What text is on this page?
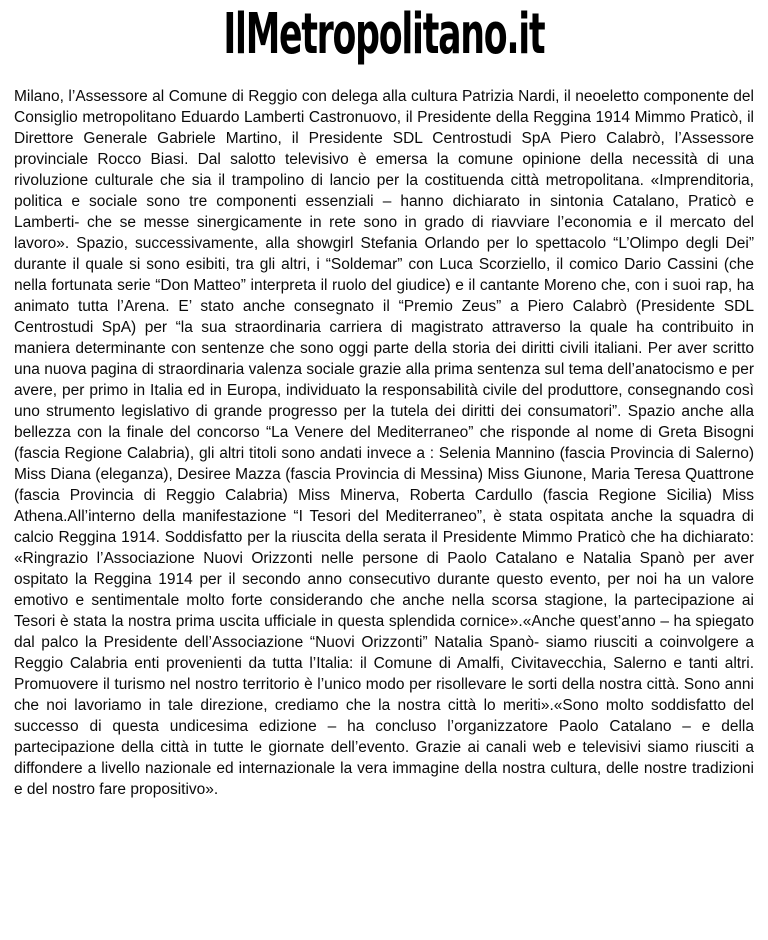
IlMetropolitano.it

Milano, l’Assessore al Comune di Reggio con delega alla cultura Patrizia Nardi, il neoeletto componente del Consiglio metropolitano Eduardo Lamberti Castronuovo, il Presidente della Reggina 1914 Mimmo Praticò, il Direttore Generale Gabriele Martino, il Presidente SDL Centrostudi SpA Piero Calabrò, l’Assessore provinciale Rocco Biasi. Dal salotto televisivo è emersa la comune opinione della necessità di una rivoluzione culturale che sia il trampolino di lancio per la costituenda città metropolitana. «Imprenditoria, politica e sociale sono tre componenti essenziali – hanno dichiarato in sintonia Catalano, Praticò e Lamberti- che se messe sinergicamente in rete sono in grado di riavviare l’economia e il mercato del lavoro». Spazio, successivamente, alla showgirl Stefania Orlando per lo spettacolo “L’Olimpo degli Dei” durante il quale si sono esibiti, tra gli altri, i “Soldemar” con Luca Scorziello, il comico Dario Cassini (che nella fortunata serie “Don Matteo” interpreta il ruolo del giudice) e il cantante Moreno che, con i suoi rap, ha animato tutta l’Arena. E’ stato anche consegnato il “Premio Zeus” a Piero Calabrò (Presidente SDL Centrostudi SpA) per “la sua straordinaria carriera di magistrato attraverso la quale ha contribuito in maniera determinante con sentenze che sono oggi parte della storia dei diritti civili italiani. Per aver scritto una nuova pagina di straordinaria valenza sociale grazie alla prima sentenza sul tema dell’anatocismo e per avere, per primo in Italia ed in Europa, individuato la responsabilità civile del produttore, consegnando così uno strumento legislativo di grande progresso per la tutela dei diritti dei consumatori”. Spazio anche alla bellezza con la finale del concorso “La Venere del Mediterraneo” che risponde al nome di Greta Bisogni (fascia Regione Calabria), gli altri titoli sono andati invece a : Selenia Mannino (fascia Provincia di Salerno) Miss Diana (eleganza), Desiree Mazza (fascia Provincia di Messina) Miss Giunone, Maria Teresa Quattrone (fascia Provincia di Reggio Calabria) Miss Minerva, Roberta Cardullo (fascia Regione Sicilia) Miss Athena.All’interno della manifestazione “I Tesori del Mediterraneo”, è stata ospitata anche la squadra di calcio Reggina 1914. Soddisfatto per la riuscita della serata il Presidente Mimmo Praticò che ha dichiarato: «Ringrazio l’Associazione Nuovi Orizzonti nelle persone di Paolo Catalano e Natalia Spanò per aver ospitato la Reggina 1914 per il secondo anno consecutivo durante questo evento, per noi ha un valore emotivo e sentimentale molto forte considerando che anche nella scorsa stagione, la partecipazione ai Tesori è stata la nostra prima uscita ufficiale in questa splendida cornice».«Anche quest’anno – ha spiegato dal palco la Presidente dell’Associazione “Nuovi Orizzonti” Natalia Spanò- siamo riusciti a coinvolgere a Reggio Calabria enti provenienti da tutta l’Italia: il Comune di Amalfi, Civitavecchia, Salerno e tanti altri. Promuovere il turismo nel nostro territorio è l’unico modo per risollevare le sorti della nostra città. Sono anni che noi lavoriamo in tale direzione, crediamo che la nostra città lo meriti».«Sono molto soddisfatto del successo di questa undicesima edizione – ha concluso l’organizzatore Paolo Catalano – e della partecipazione della città in tutte le giornate dell’evento. Grazie ai canali web e televisivi siamo riusciti a diffondere a livello nazionale ed internazionale la vera immagine della nostra cultura, delle nostre tradizioni e del nostro fare propositivo».
